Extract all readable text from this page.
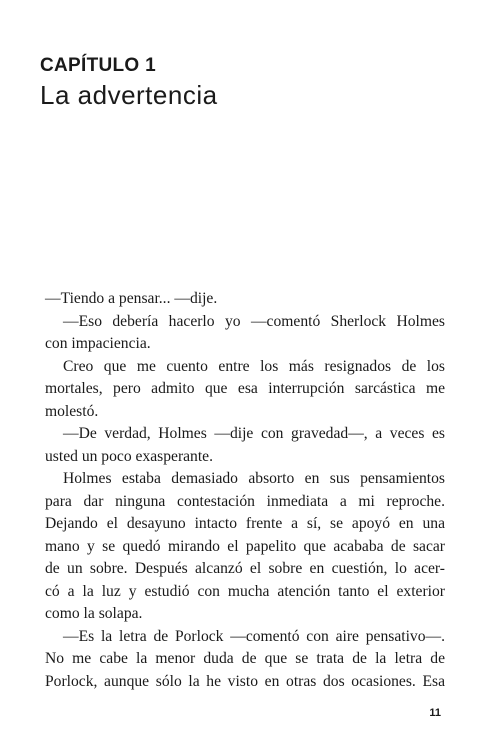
CAPÍTULO 1
La advertencia
—Tiendo a pensar... —dije.
—Eso debería hacerlo yo —comentó Sherlock Holmes
con impaciencia.
Creo que me cuento entre los más resignados de los
mortales, pero admito que esa interrupción sarcástica me
molestó.
—De verdad, Holmes —dije con gravedad—, a veces es
usted un poco exasperante.
Holmes estaba demasiado absorto en sus pensamientos
para dar ninguna contestación inmediata a mi reproche.
Dejando el desayuno intacto frente a sí, se apoyó en una
mano y se quedó mirando el papelito que acababa de sacar
de un sobre. Después alcanzó el sobre en cuestión, lo acer-
có a la luz y estudió con mucha atención tanto el exterior
como la solapa.
—Es la letra de Porlock —comentó con aire pensativo—.
No me cabe la menor duda de que se trata de la letra de
Porlock, aunque sólo la he visto en otras dos ocasiones. Esa
11
